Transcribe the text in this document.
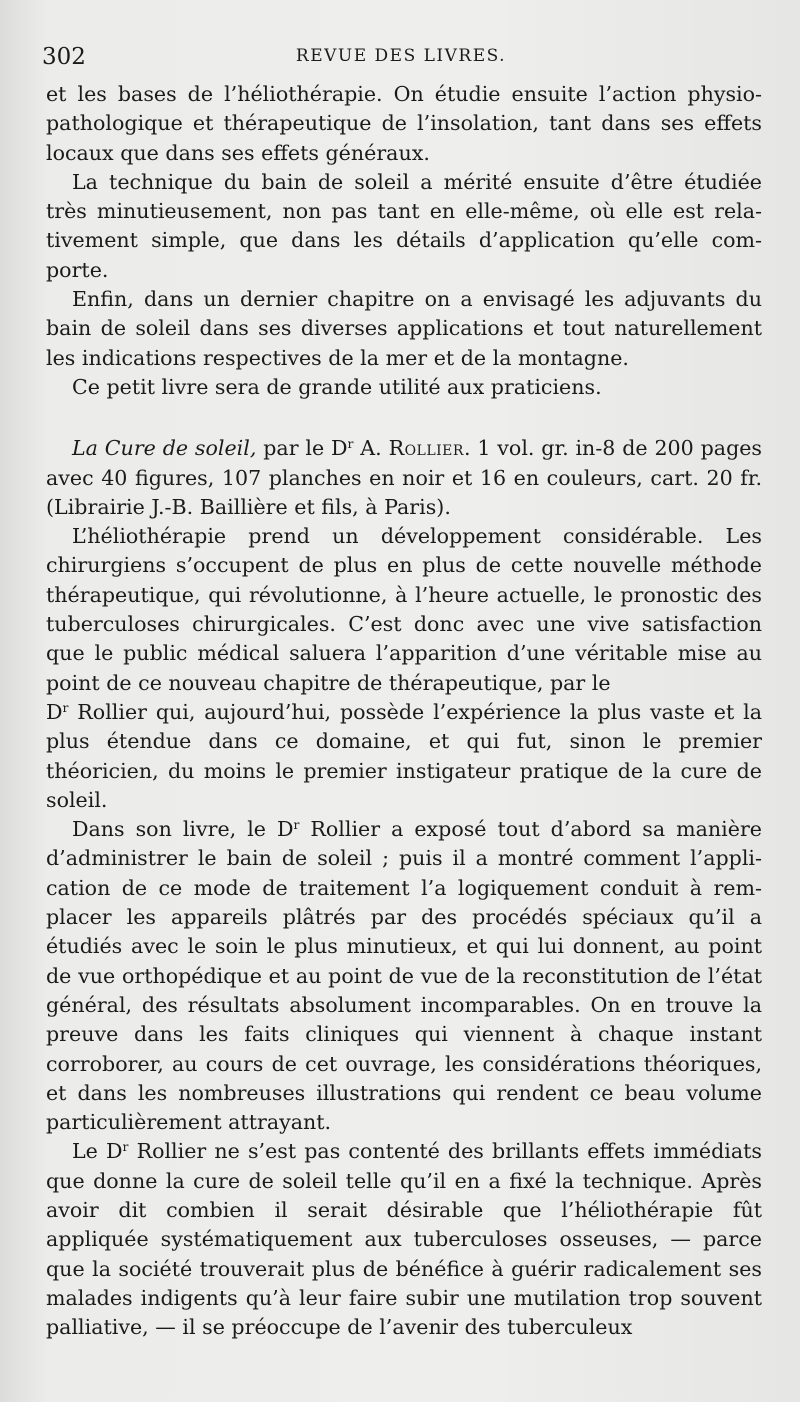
302	REVUE DES LIVRES.

et les bases de l’héliothérapie. On étudie ensuite l’action physiopathologique et thérapeutique de l’insolation, tant dans ses effets locaux que dans ses effets généraux.

La technique du bain de soleil a mérité ensuite d’être étudiée très minutieusement, non pas tant en elle-même, où elle est relativement simple, que dans les détails d’application qu’elle comporte.

Enfin, dans un dernier chapitre on a envisagé les adjuvants du bain de soleil dans ses diverses applications et tout naturellement les indications respectives de la mer et de la montagne.

Ce petit livre sera de grande utilité aux praticiens.

La Cure de soleil, par le $D^r$ A. Rollier. 1 vol. gr. in-8 de 200 pages avec 40 figures, 107 planches en noir et 16 en couleurs, cart. 20 fr. (Librairie J.-B. Baillière et fils, à Paris).

L’héliothérapie prend un développement considérable. Les chirurgiens s’occupent de plus en plus de cette nouvelle méthode thérapeutique, qui révolutionne, à l’heure actuelle, le pronostic des tuberculoses chirurgicales. C’est donc avec une vive satisfaction que le public médical saluera l’apparition d’une véritable mise au point de ce nouveau chapitre de thérapeutique, par le
$D^r$ Rollier qui, aujourd’hui, possède l’expérience la plus vaste et la plus étendue dans ce domaine, et qui fut, sinon le premier théoricien, du moins le premier instigateur pratique de la cure de soleil.

Dans son livre, le $D^r$ Rollier a exposé tout d’abord sa manière d’administrer le bain de soleil ; puis il a montré comment l’application de ce mode de traitement l’a logiquement conduit à remplacer les appareils plâtrés par des procédés spéciaux qu’il a étudiés avec le soin le plus minutieux, et qui lui donnent, au point de vue orthopédique et au point de vue de la reconstitution de l’état général, des résultats absolument incomparables. On en trouve la preuve dans les faits cliniques qui viennent à chaque instant corroborer, au cours de cet ouvrage, les considérations théoriques, et dans les nombreuses illustrations qui rendent ce beau volume particulièrement attrayant.

Le $D^r$ Rollier ne s’est pas contenté des brillants effets immédiats que donne la cure de soleil telle qu’il en a fixé la technique. Après avoir dit combien il serait désirable que l’héliothérapie fût appliquée systématiquement aux tuberculoses osseuses, — parce que la société trouverait plus de bénéfice à guérir radicalement ses malades indigents qu’à leur faire subir une mutilation trop souvent palliative, — il se préoccupe de l’avenir des tuberculeux
